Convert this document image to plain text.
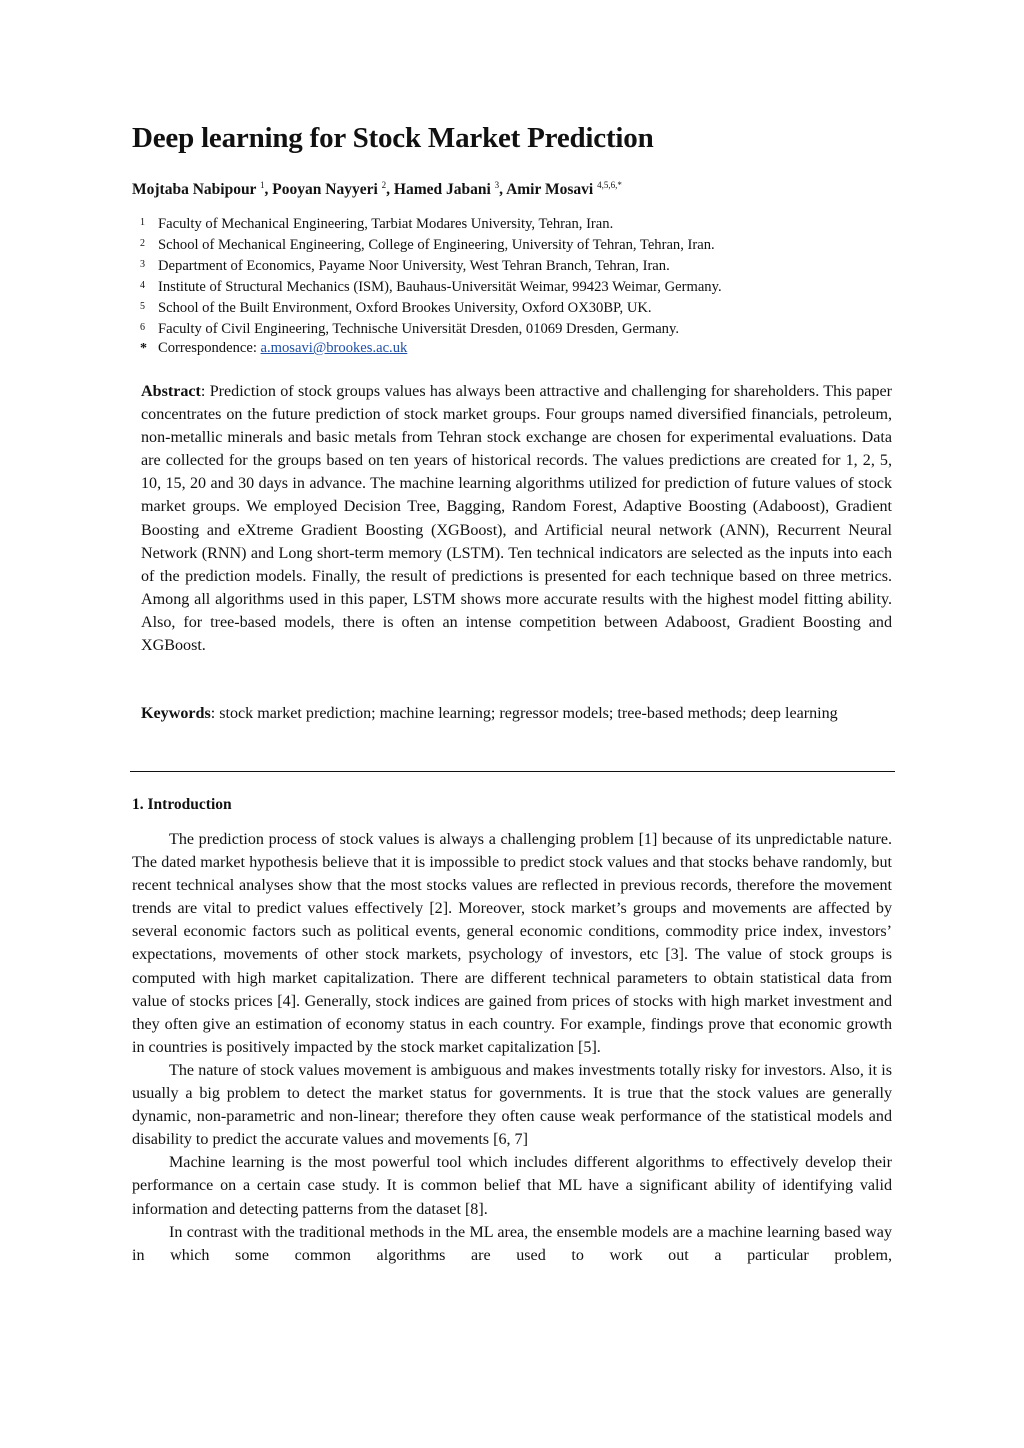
Deep learning for Stock Market Prediction
Mojtaba Nabipour $^1$, Pooyan Nayyeri $^2$, Hamed Jabani $^3$, Amir Mosavi $^{4,5,6,*}$
1 Faculty of Mechanical Engineering, Tarbiat Modares University, Tehran, Iran.
2 School of Mechanical Engineering, College of Engineering, University of Tehran, Tehran, Iran.
3 Department of Economics, Payame Noor University, West Tehran Branch, Tehran, Iran.
4 Institute of Structural Mechanics (ISM), Bauhaus-Universität Weimar, 99423 Weimar, Germany.
5 School of the Built Environment, Oxford Brookes University, Oxford OX30BP, UK.
6 Faculty of Civil Engineering, Technische Universität Dresden, 01069 Dresden, Germany.
* Correspondence: a.mosavi@brookes.ac.uk

Abstract: Prediction of stock groups values has always been attractive and challenging for shareholders. This paper concentrates on the future prediction of stock market groups. Four groups named diversified financials, petroleum, non-metallic minerals and basic metals from Tehran stock exchange are chosen for experimental evaluations. Data are collected for the groups based on ten years of historical records. The values predictions are created for 1, 2, 5, 10, 15, 20 and 30 days in advance. The machine learning algorithms utilized for prediction of future values of stock market groups. We employed Decision Tree, Bagging, Random Forest, Adaptive Boosting (Adaboost), Gradient Boosting and eXtreme Gradient Boosting (XGBoost), and Artificial neural network (ANN), Recurrent Neural Network (RNN) and Long short-term memory (LSTM). Ten technical indicators are selected as the inputs into each of the prediction models. Finally, the result of predictions is presented for each technique based on three metrics. Among all algorithms used in this paper, LSTM shows more accurate results with the highest model fitting ability. Also, for tree-based models, there is often an intense competition between Adaboost, Gradient Boosting and XGBoost.

Keywords: stock market prediction; machine learning; regressor models; tree-based methods; deep learning

1. Introduction

The prediction process of stock values is always a challenging problem [1] because of its unpredictable nature. The dated market hypothesis believe that it is impossible to predict stock values and that stocks behave randomly, but recent technical analyses show that the most stocks values are reflected in previous records, therefore the movement trends are vital to predict values effectively [2]. Moreover, stock market’s groups and movements are affected by several economic factors such as political events, general economic conditions, commodity price index, investors’ expectations, movements of other stock markets, psychology of investors, etc [3]. The value of stock groups is computed with high market capitalization. There are different technical parameters to obtain statistical data from value of stocks prices [4]. Generally, stock indices are gained from prices of stocks with high market investment and they often give an estimation of economy status in each country. For example, findings prove that economic growth in countries is positively impacted by the stock market capitalization [5].

The nature of stock values movement is ambiguous and makes investments totally risky for investors. Also, it is usually a big problem to detect the market status for governments. It is true that the stock values are generally dynamic, non-parametric and non-linear; therefore they often cause weak performance of the statistical models and disability to predict the accurate values and movements [6, 7]

Machine learning is the most powerful tool which includes different algorithms to effectively develop their performance on a certain case study. It is common belief that ML have a significant ability of identifying valid information and detecting patterns from the dataset [8].

In contrast with the traditional methods in the ML area, the ensemble models are a machine learning based way in which some common algorithms are used to work out a particular problem,
